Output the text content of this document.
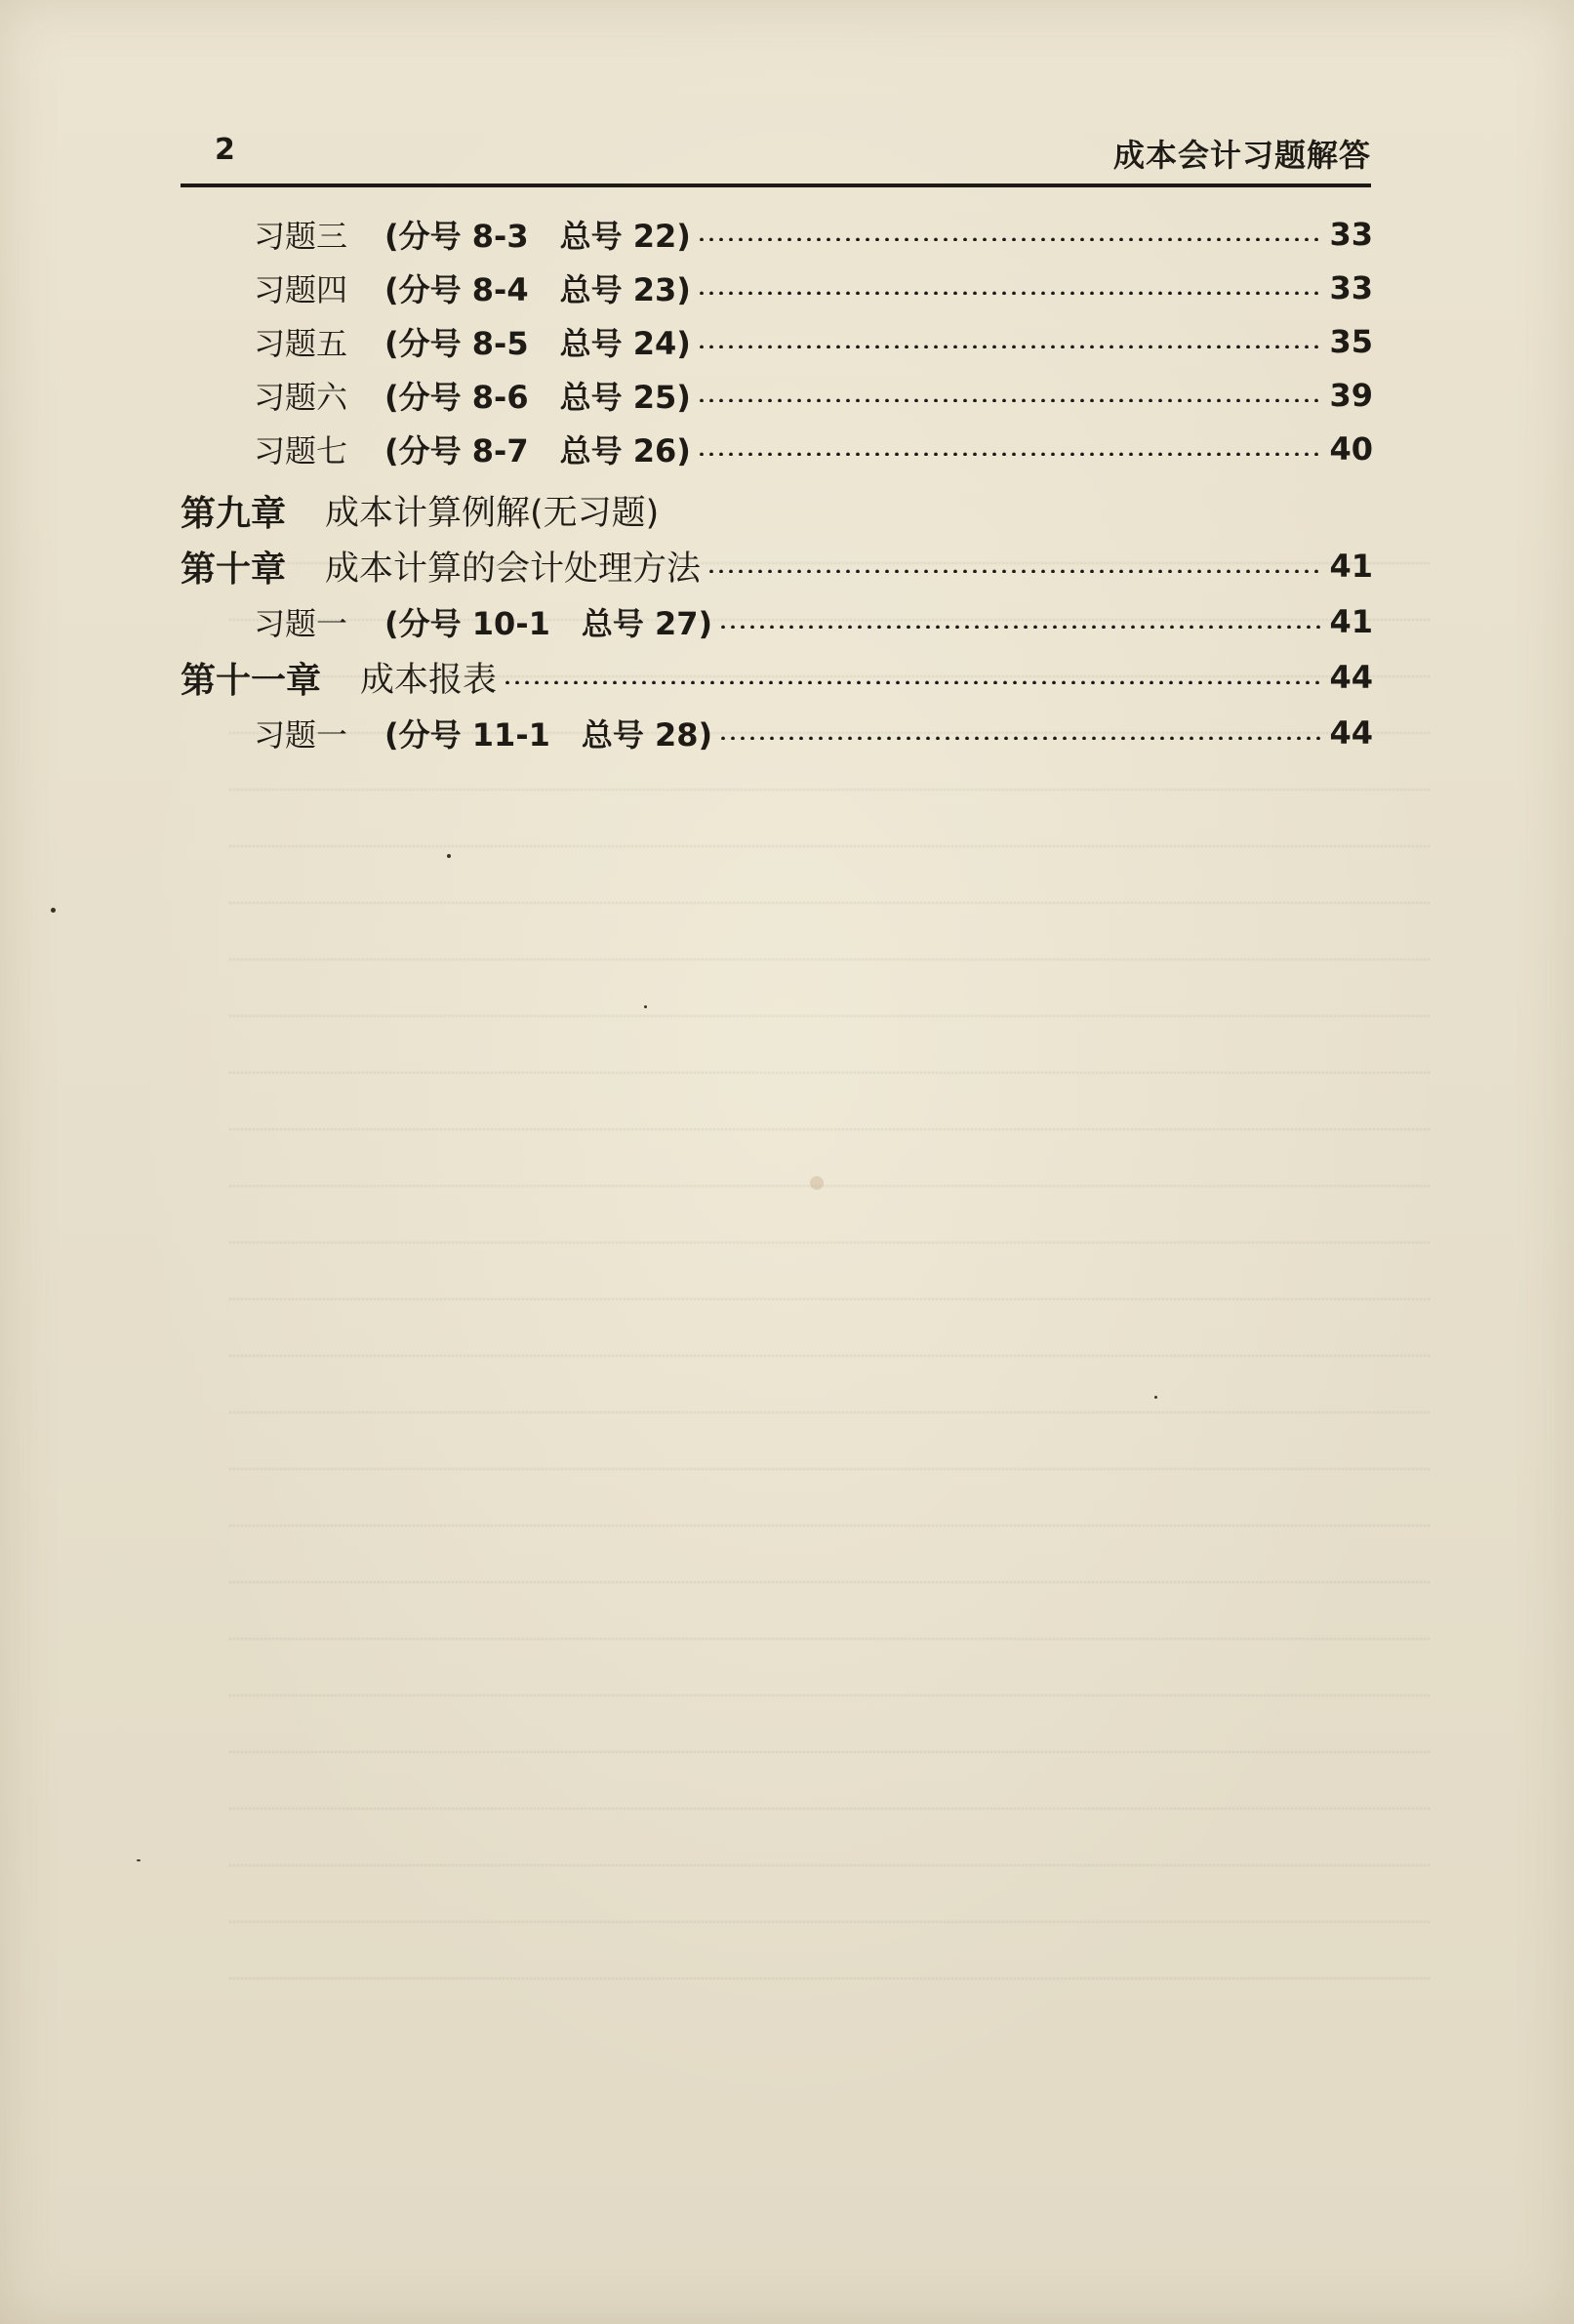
2	成本会计习题解答
习题三 (分号 8-3　总号 22)	33
习题四 (分号 8-4　总号 23)	33
习题五 (分号 8-5　总号 24)	35
习题六 (分号 8-6　总号 25)	39
习题七 (分号 8-7　总号 26)	40
第九章 成本计算例解(无习题)
第十章 成本计算的会计处理方法	41
习题一 (分号 10-1　总号 27)	41
第十一章 成本报表	44
习题一 (分号 11-1　总号 28)	44
